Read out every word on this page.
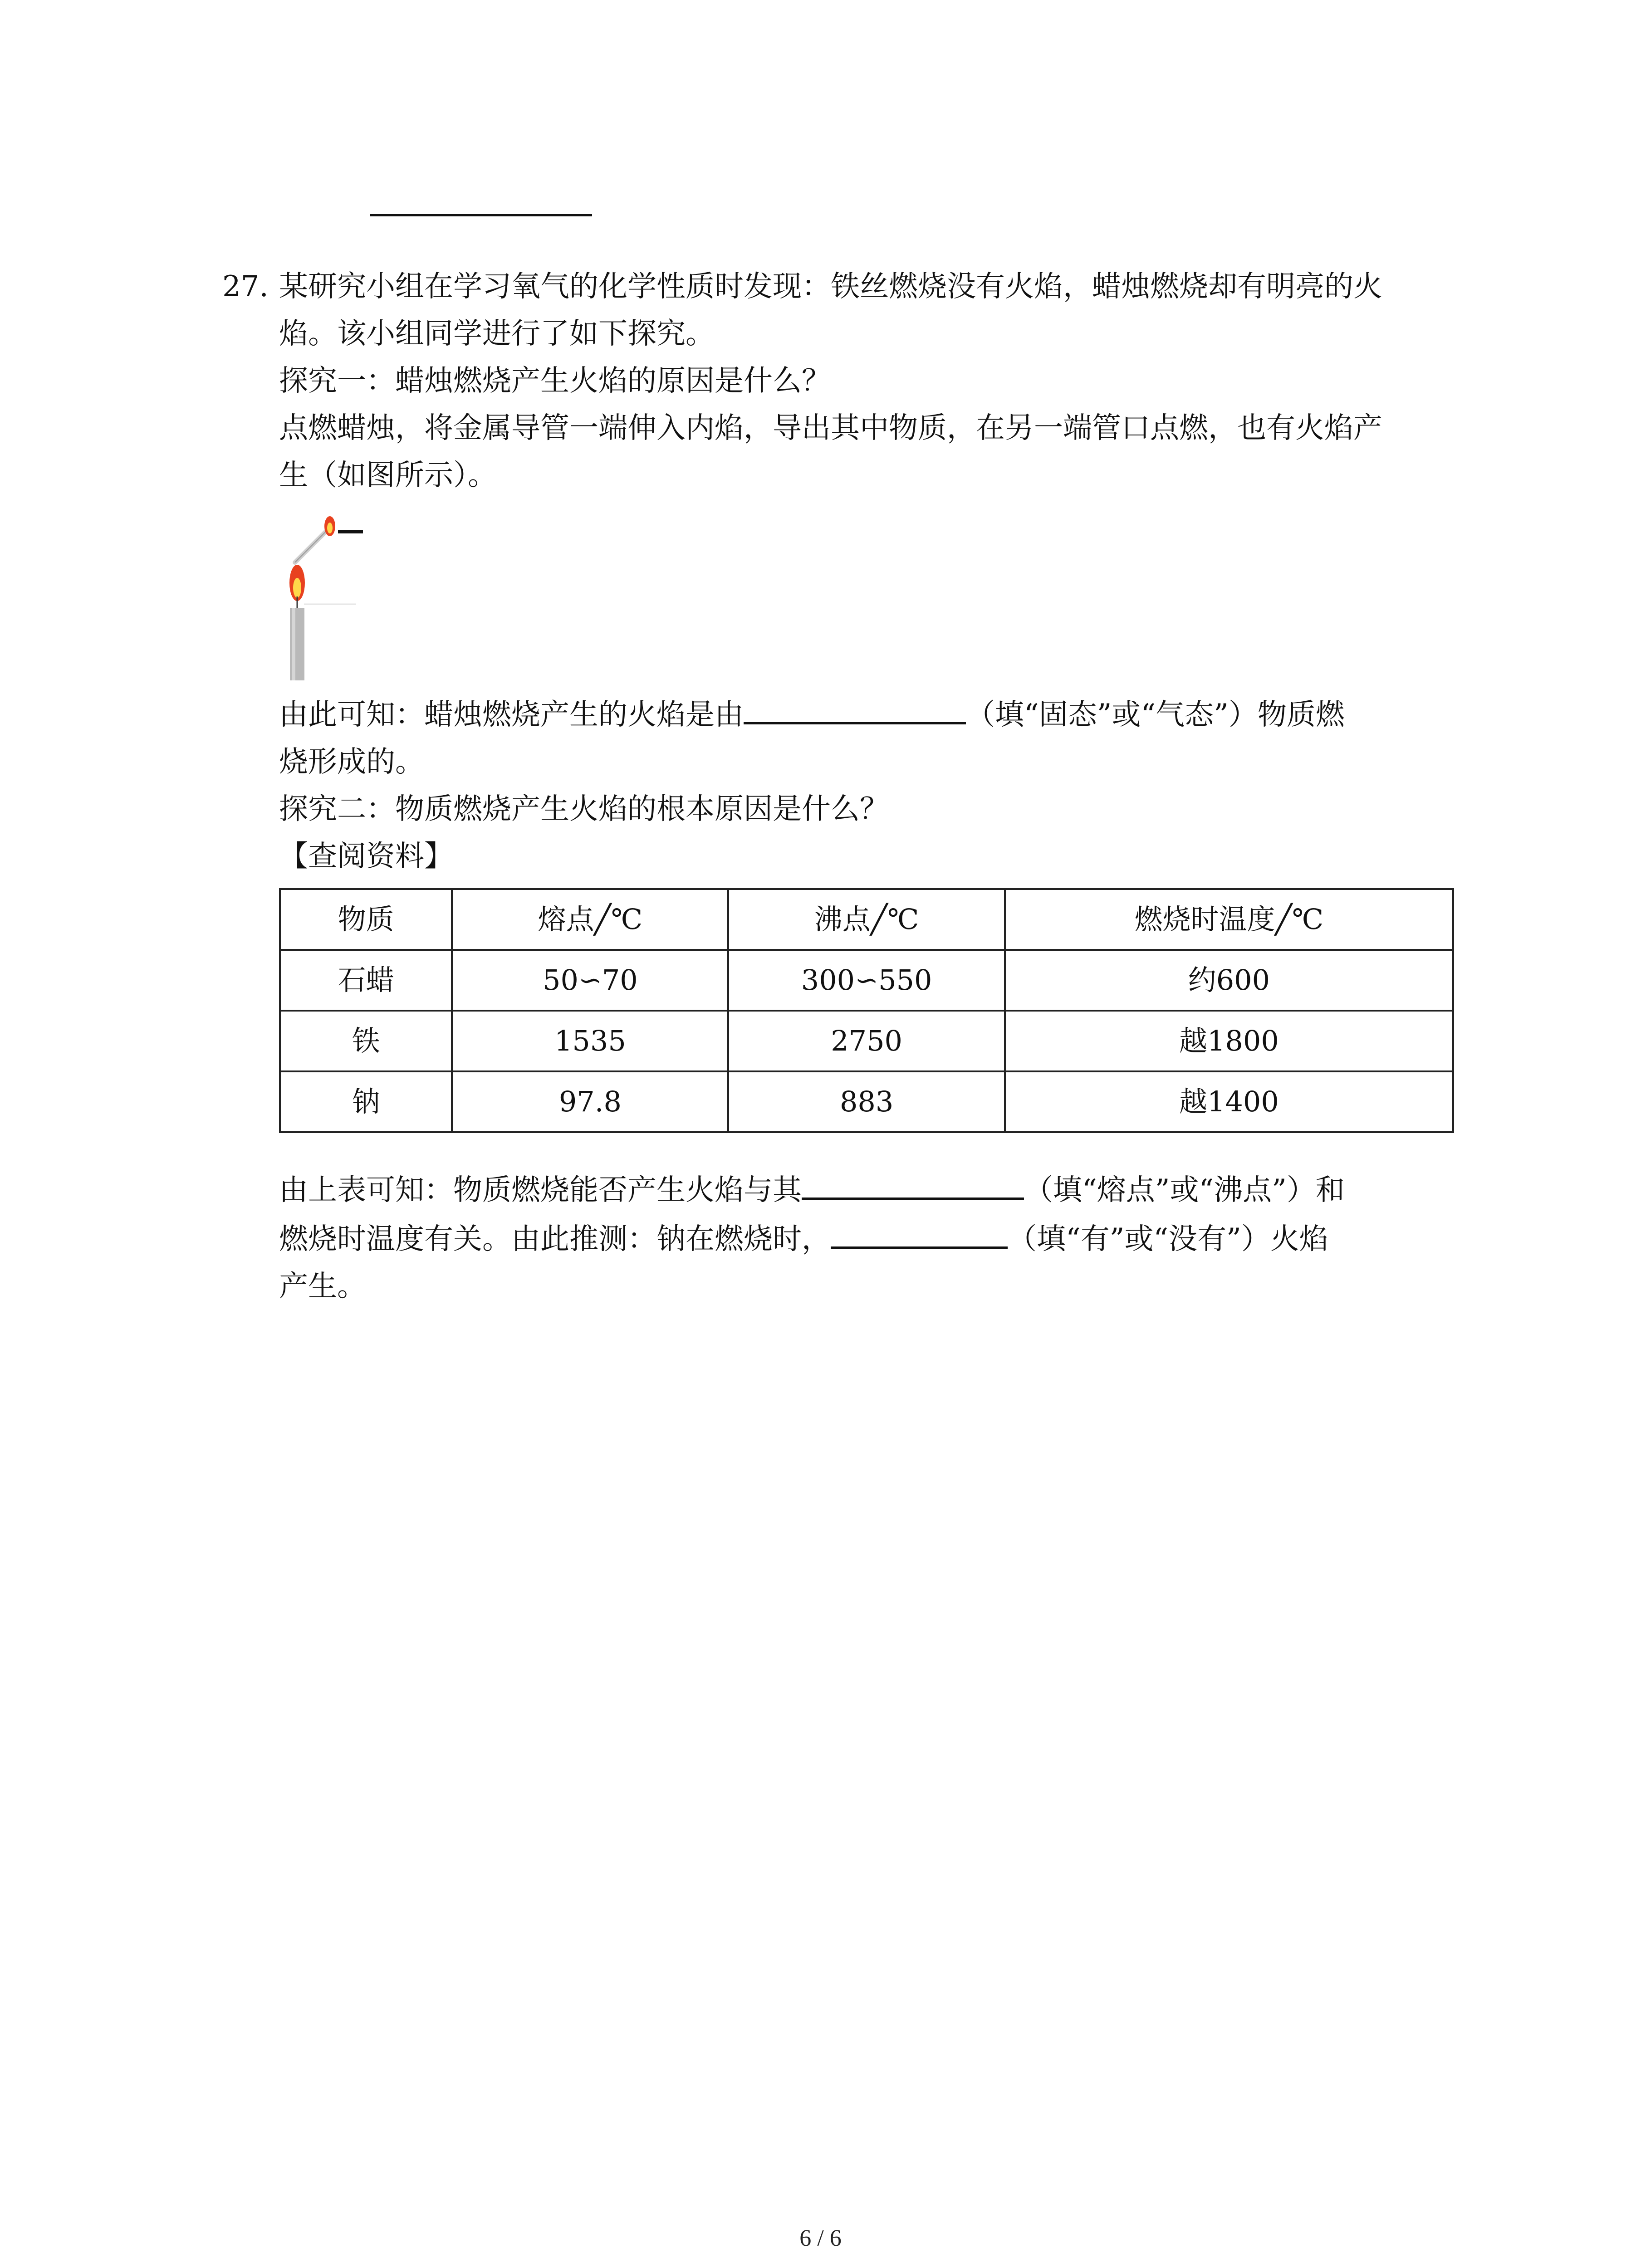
27. 某研究小组在学习氧气的化学性质时发现：铁丝燃烧没有火焰，蜡烛燃烧却有明亮的火

焰。该小组同学进行了如下探究。

探究一：蜡烛燃烧产生火焰的原因是什么？

点燃蜡烛，将金属导管一端伸入内焰，导出其中物质，在另一端管口点燃，也有火焰产

生（如图所示）。

由此可知：蜡烛燃烧产生的火焰是由	（填“固态”或“气态”）物质燃

烧形成的。

探究二：物质燃烧产生火焰的根本原因是什么？

【查阅资料】

物质	熔点╱℃	沸点╱℃	燃烧时温度╱℃
石蜡	50∽70	300∽550	约600
铁	1535	2750	越1800
钠	97.8	883	越1400

由上表可知：物质燃烧能否产生火焰与其	（填“熔点”或“沸点”）和

燃烧时温度有关。由此推测：钠在燃烧时，	（填“有”或“没有”）火焰

产生。

6 / 6
